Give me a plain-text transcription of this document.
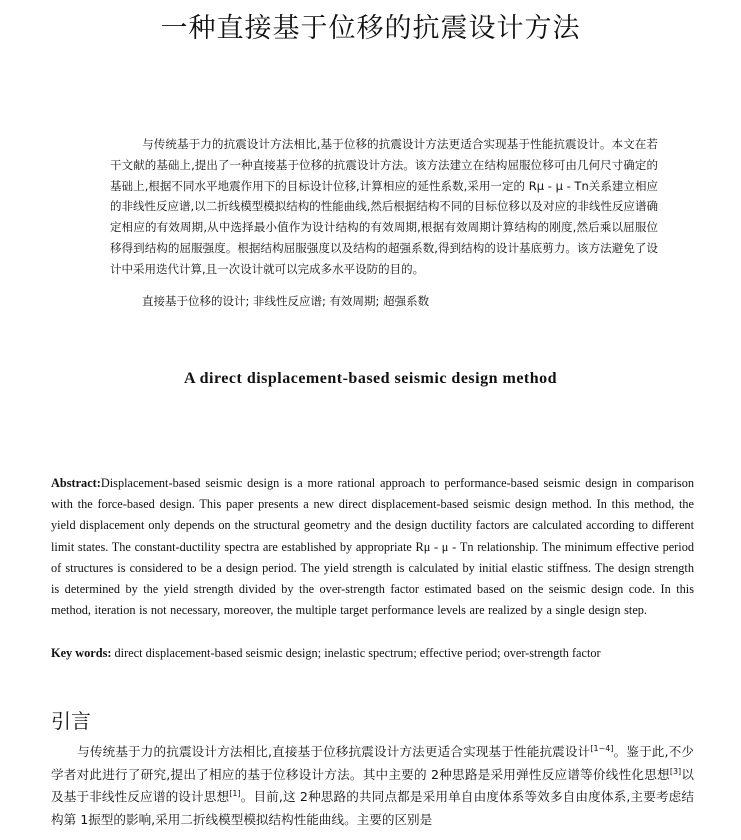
一种直接基于位移的抗震设计方法
与传统基于力的抗震设计方法相比,基于位移的抗震设计方法更适合实现基于性能抗震设计。本文在若干文献的基础上,提出了一种直接基于位移的抗震设计方法。该方法建立在结构屈服位移可由几何尺寸确定的基础上,根据不同水平地震作用下的目标设计位移,计算相应的延性系数,采用一定的 Rμ - μ - Tn关系建立相应的非线性反应谱,以二折线模型模拟结构的性能曲线,然后根据结构不同的目标位移以及对应的非线性反应谱确定相应的有效周期,从中选择最小值作为设计结构的有效周期,根据有效周期计算结构的刚度,然后乘以屈服位移得到结构的屈服强度。根据结构屈服强度以及结构的超强系数,得到结构的设计基底剪力。该方法避免了设计中采用迭代计算,且一次设计就可以完成多水平设防的目的。
直接基于位移的设计; 非线性反应谱; 有效周期; 超强系数
A direct displacement-based seismic design method
Abstract:Displacement-based seismic design is a more rational approach to performance-based seismic design in comparison with the force-based design. This paper presents a new direct displacement-based seismic design method. In this method, the yield displacement only depends on the structural geometry and the design ductility factors are calculated according to different limit states. The constant-ductility spectra are established by appropriate Rμ - μ - Tn relationship. The minimum effective period of structures is considered to be a design period. The yield strength is calculated by initial elastic stiffness. The design strength is determined by the yield strength divided by the over-strength factor estimated based on the seismic design code. In this method, iteration is not necessary, moreover, the multiple target performance levels are realized by a single design step.
Key words: direct displacement-based seismic design; inelastic spectrum; effective period; over-strength factor
引言
与传统基于力的抗震设计方法相比,直接基于位移抗震设计方法更适合实现基于性能抗震设计[1~4]。鉴于此,不少学者对此进行了研究,提出了相应的基于位移设计方法。其中主要的 2种思路是采用弹性反应谱等价线性化思想[3]以及基于非线性反应谱的设计思想[1]。目前,这 2种思路的共同点都是采用单自由度体系等效多自由度体系,主要考虑结构第 1振型的影响,采用二折线模型模拟结构性能曲线。主要的区别是
